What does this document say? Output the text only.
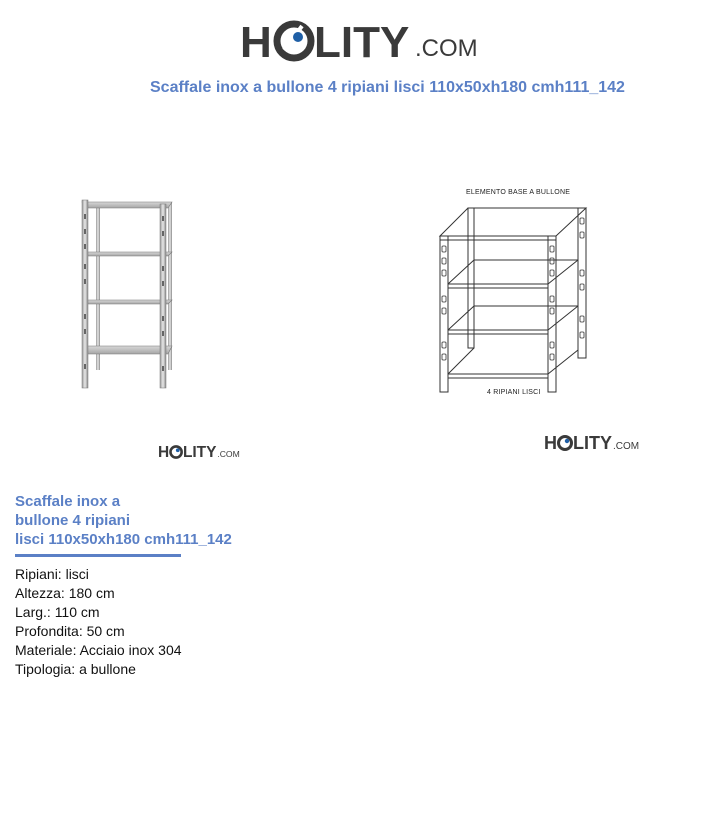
H LITY .COM
Scaffale inox a bullone 4 ripiani lisci 110x50xh180 cmh111_142
ELEMENTO BASE A BULLONE
4 RIPIANI LISCI
H LITY .COM
H LITY .COM
Scaffale inox a
bullone 4 ripiani
lisci 110x50xh180 cmh111_142
Ripiani: lisci
Altezza: 180 cm
Larg.: 110 cm
Profondita: 50 cm
Materiale: Acciaio inox 304
Tipologia: a bullone
